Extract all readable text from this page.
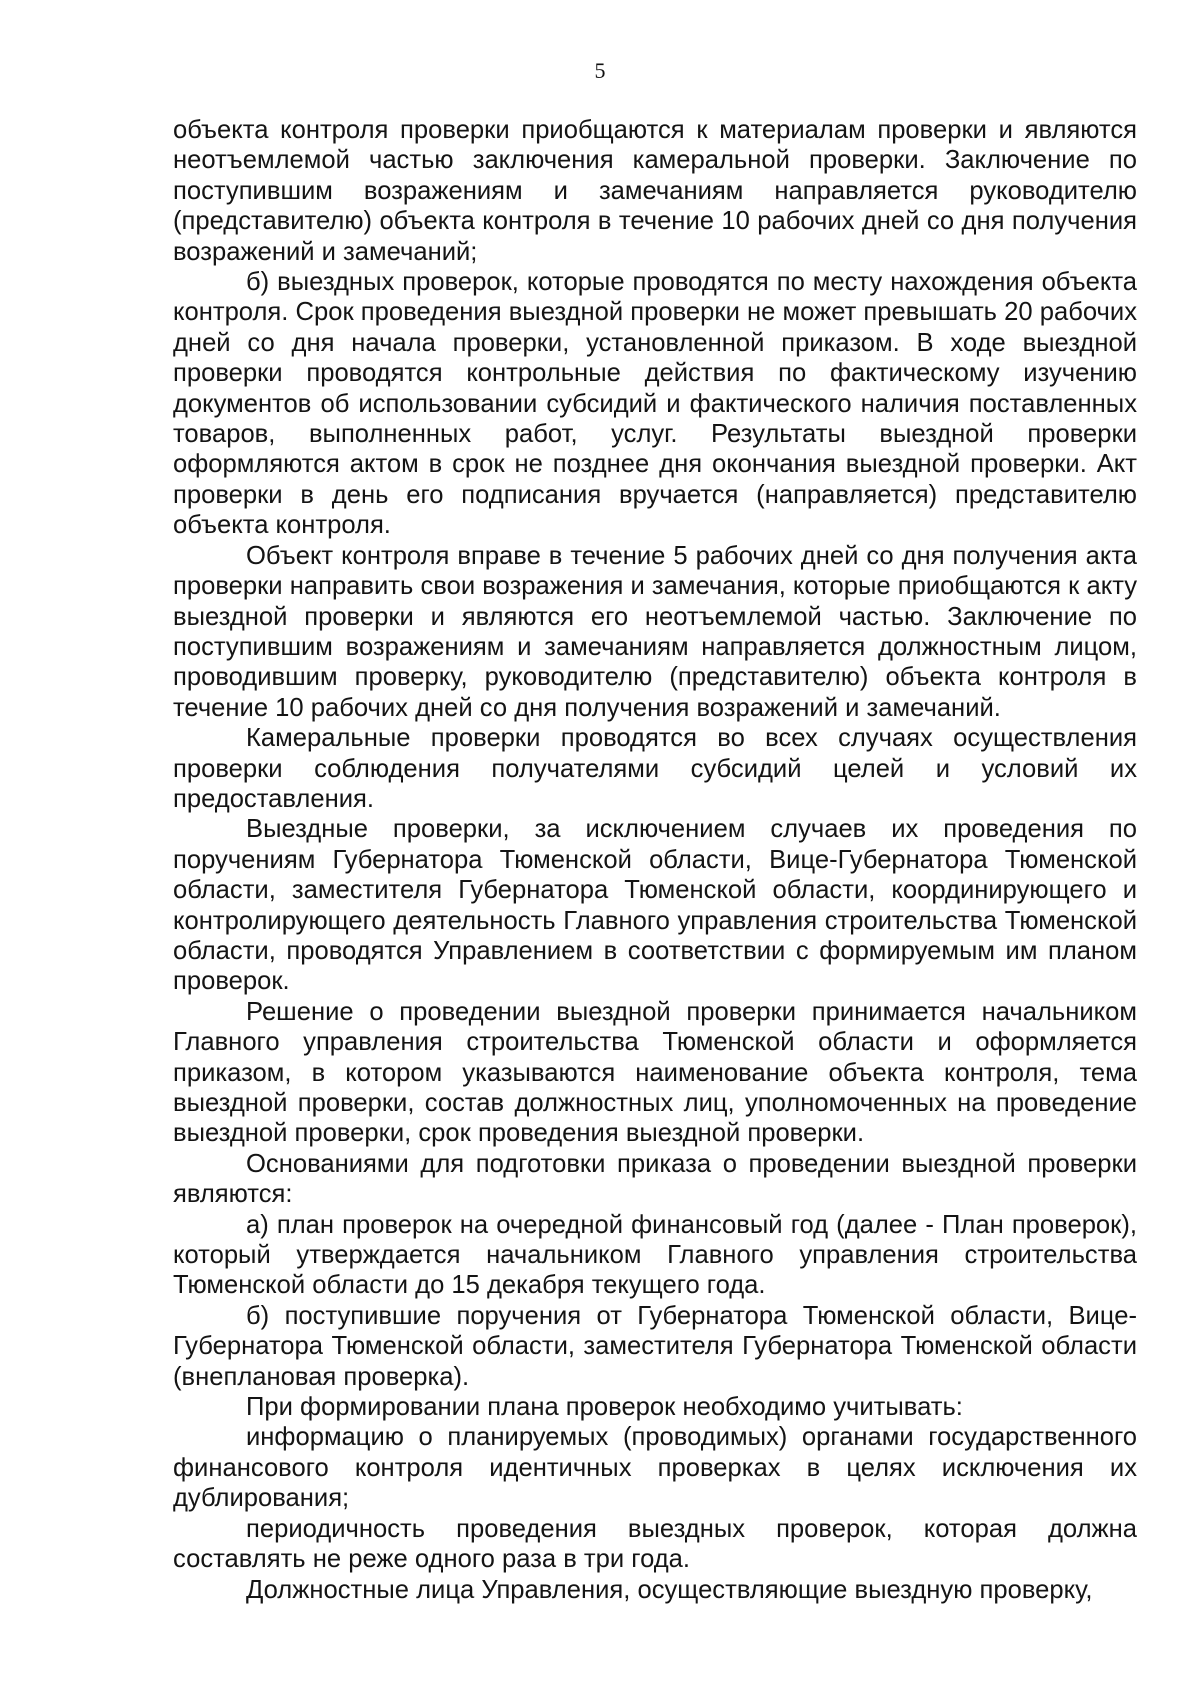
5

объекта контроля проверки приобщаются к материалам проверки и являются неотъемлемой частью заключения камеральной проверки. Заключение по поступившим возражениям и замечаниям направляется руководителю (представителю) объекта контроля в течение 10 рабочих дней со дня получения возражений и замечаний;

б) выездных проверок, которые проводятся по месту нахождения объекта контроля. Срок проведения выездной проверки не может превышать 20 рабочих дней со дня начала проверки, установленной приказом. В ходе выездной проверки проводятся контрольные действия по фактическому изучению документов об использовании субсидий и фактического наличия поставленных товаров, выполненных работ, услуг. Результаты выездной проверки оформляются актом в срок не позднее дня окончания выездной проверки. Акт проверки в день его подписания вручается (направляется) представителю объекта контроля.

Объект контроля вправе в течение 5 рабочих дней со дня получения акта проверки направить свои возражения и замечания, которые приобщаются к акту выездной проверки и являются его неотъемлемой частью. Заключение по поступившим возражениям и замечаниям направляется должностным лицом, проводившим проверку, руководителю (представителю) объекта контроля в течение 10 рабочих дней со дня получения возражений и замечаний.

Камеральные проверки проводятся во всех случаях осуществления проверки соблюдения получателями субсидий целей и условий их предоставления.

Выездные проверки, за исключением случаев их проведения по поручениям Губернатора Тюменской области, Вице-Губернатора Тюменской области, заместителя Губернатора Тюменской области, координирующего и контролирующего деятельность Главного управления строительства Тюменской области, проводятся Управлением в соответствии с формируемым им планом проверок.

Решение о проведении выездной проверки принимается начальником Главного управления строительства Тюменской области и оформляется приказом, в котором указываются наименование объекта контроля, тема выездной проверки, состав должностных лиц, уполномоченных на проведение выездной проверки, срок проведения выездной проверки.

Основаниями для подготовки приказа о проведении выездной проверки являются:

а) план проверок на очередной финансовый год (далее - План проверок), который утверждается начальником Главного управления строительства Тюменской области до 15 декабря текущего года.

б) поступившие поручения от Губернатора Тюменской области, Вице-Губернатора Тюменской области, заместителя Губернатора Тюменской области (внеплановая проверка).

При формировании плана проверок необходимо учитывать:

информацию о планируемых (проводимых) органами государственного финансового контроля идентичных проверках в целях исключения их дублирования;

периодичность проведения выездных проверок, которая должна составлять не реже одного раза в три года.

Должностные лица Управления, осуществляющие выездную проверку,
